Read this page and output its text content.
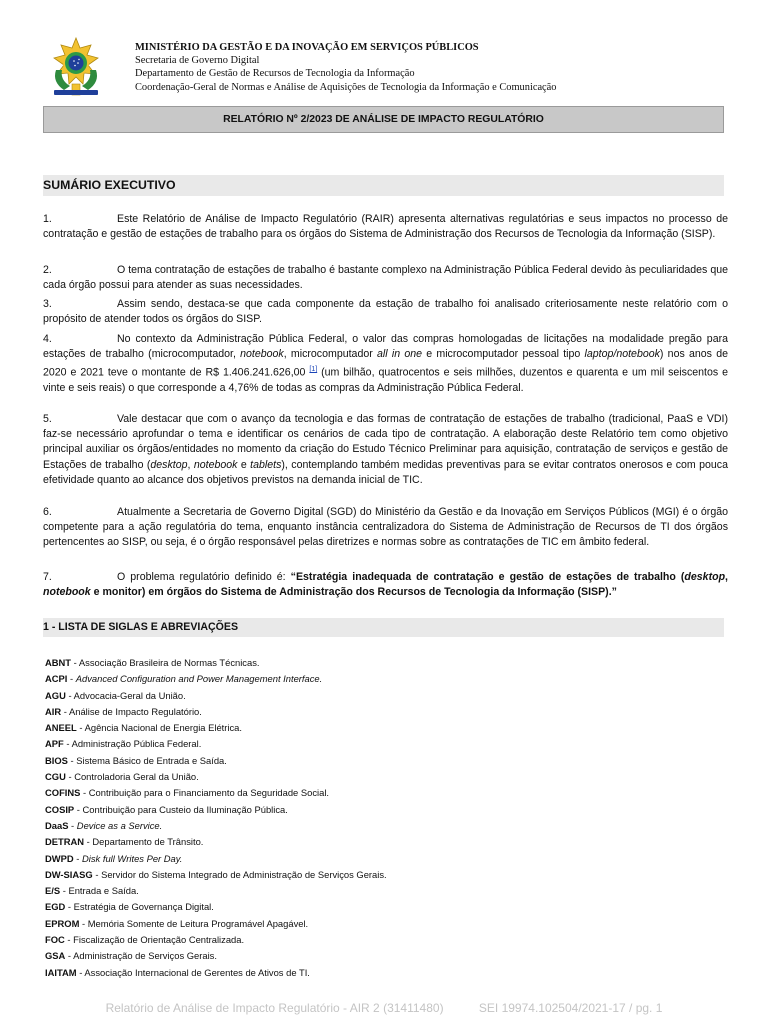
MINISTÉRIO DA GESTÃO E DA INOVAÇÃO EM SERVIÇOS PÚBLICOS
Secretaria de Governo Digital
Departamento de Gestão de Recursos de Tecnologia da Informação
Coordenação-Geral de Normas e Análise de Aquisições de Tecnologia da Informação e Comunicação
RELATÓRIO Nº 2/2023 DE ANÁLISE DE IMPACTO REGULATÓRIO
SUMÁRIO EXECUTIVO

1.	Este Relatório de Análise de Impacto Regulatório (RAIR) apresenta alternativas regulatórias e seus impactos no processo de contratação e gestão de estações de trabalho para os órgãos do Sistema de Administração dos Recursos de Tecnologia da Informação (SISP).

2.	O tema contratação de estações de trabalho é bastante complexo na Administração Pública Federal devido às peculiaridades que cada órgão possui para atender as suas necessidades.

3.	Assim sendo, destaca-se que cada componente da estação de trabalho foi analisado criteriosamente neste relatório com o propósito de atender todos os órgãos do SISP.

4.	No contexto da Administração Pública Federal, o valor das compras homologadas de licitações na modalidade pregão para estações de trabalho (microcomputador, notebook, microcomputador all in one e microcomputador pessoal tipo laptop/notebook) nos anos de 2020 e 2021 teve o montante de R$ 1.406.241.626,00 [1] (um bilhão, quatrocentos e seis milhões, duzentos e quarenta e um mil seiscentos e vinte e seis reais) o que corresponde a 4,76% de todas as compras da Administração Pública Federal.

5.	Vale destacar que com o avanço da tecnologia e das formas de contratação de estações de trabalho (tradicional, PaaS e VDI) faz-se necessário aprofundar o tema e identificar os cenários de cada tipo de contratação. A elaboração deste Relatório tem como objetivo principal auxiliar os órgãos/entidades no momento da criação do Estudo Técnico Preliminar para aquisição, contratação de serviços e gestão de Estações de trabalho (desktop, notebook e tablets), contemplando também medidas preventivas para se evitar contratos onerosos e com pouca efetividade quanto ao alcance dos objetivos previstos na demanda inicial de TIC.

6.	Atualmente a Secretaria de Governo Digital (SGD) do Ministério da Gestão e da Inovação em Serviços Públicos (MGI) é o órgão competente para a ação regulatória do tema, enquanto instância centralizadora do Sistema de Administração de Recursos de TI dos órgãos pertencentes ao SISP, ou seja, é o órgão responsável pelas diretrizes e normas sobre as contratações de TIC em âmbito federal.

7.	O problema regulatório definido é: “Estratégia inadequada de contratação e gestão de estações de trabalho (desktop, notebook e monitor) em órgãos do Sistema de Administração dos Recursos de Tecnologia da Informação (SISP).”

1 - LISTA DE SIGLAS E ABREVIAÇÕES
ABNT - Associação Brasileira de Normas Técnicas.
ACPI - Advanced Configuration and Power Management Interface.
AGU - Advocacia-Geral da União.
AIR - Análise de Impacto Regulatório.
ANEEL - Agência Nacional de Energia Elétrica.
APF - Administração Pública Federal.
BIOS - Sistema Básico de Entrada e Saída.
CGU - Controladoria Geral da União.
COFINS - Contribuição para o Financiamento da Seguridade Social.
COSIP - Contribuição para Custeio da Iluminação Pública.
DaaS - Device as a Service.
DETRAN - Departamento de Trânsito.
DWPD - Disk full Writes Per Day.
DW-SIASG - Servidor do Sistema Integrado de Administração de Serviços Gerais.
E/S - Entrada e Saída.
EGD - Estratégia de Governança Digital.
EPROM - Memória Somente de Leitura Programável Apagável.
FOC - Fiscalização de Orientação Centralizada.
GSA - Administração de Serviços Gerais.
IAITAM - Associação Internacional de Gerentes de Ativos de TI.
Relatório de Análise de Impacto Regulatório - AIR 2 (31411480)	SEI 19974.102504/2021-17 / pg. 1
